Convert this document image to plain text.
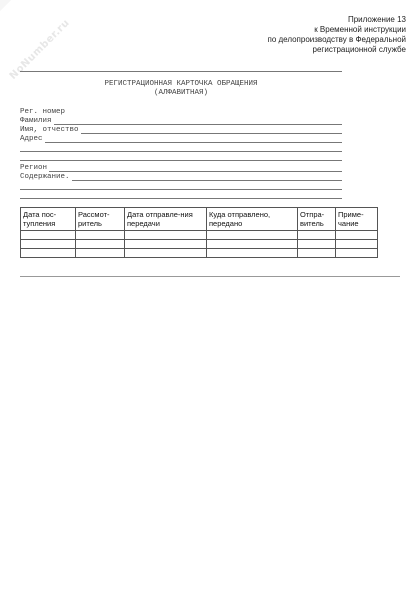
NoNumber.ru	Приложение 13
к Временной инструкции
по делопроизводству в Федеральной
регистрационной службе
РЕГИСТРАЦИОННАЯ КАРТОЧКА ОБРАЩЕНИЯ
(АЛФАВИТНАЯ)
Рег. номер
Фамилия
Имя, отчество
Адрес
Регион
Содержание.
Дата пос-тупления	Рассмот-ритель	Дата отправле-ния передачи	Куда отправлено, передано	Отпра-витель	Приме-чание
